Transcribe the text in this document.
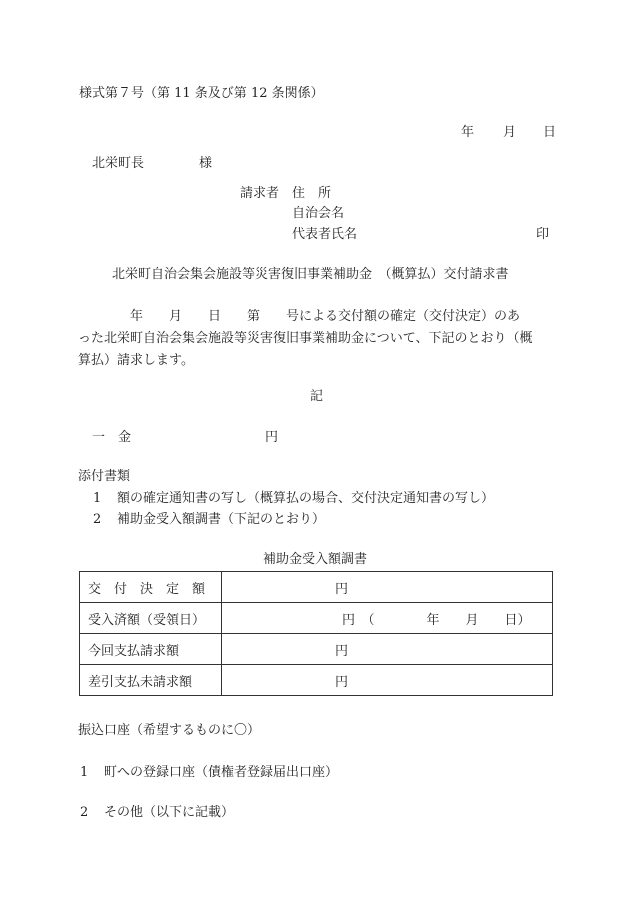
様式第７号（第 11 条及び第 12 条関係）
年 月 日
北栄町長	様
請求者 住　所
自治会名
代表者氏名	印
北栄町自治会集会施設等災害復旧事業補助金　（概算払）交付請求書
　　　　年　　月　　日　　第　　号による交付額の確定（交付決定）のあ
った北栄町自治会集会施設等災害復旧事業補助金について、下記のとおり（概
算払）請求します。
記
一　金	円
添付書類
1 額の確定通知書の写し（概算払の場合、交付決定通知書の写し）
2 補助金受入額調書（下記のとおり）
補助金受入額調書
交　付　決　定　額	円
受入済額（受領日）	円　（　　　　年　　月　　日）
今回支払請求額	円
差引支払未請求額	円
振込口座（希望するものに〇）
1 町への登録口座（債権者登録届出口座）
2 その他（以下に記載）
